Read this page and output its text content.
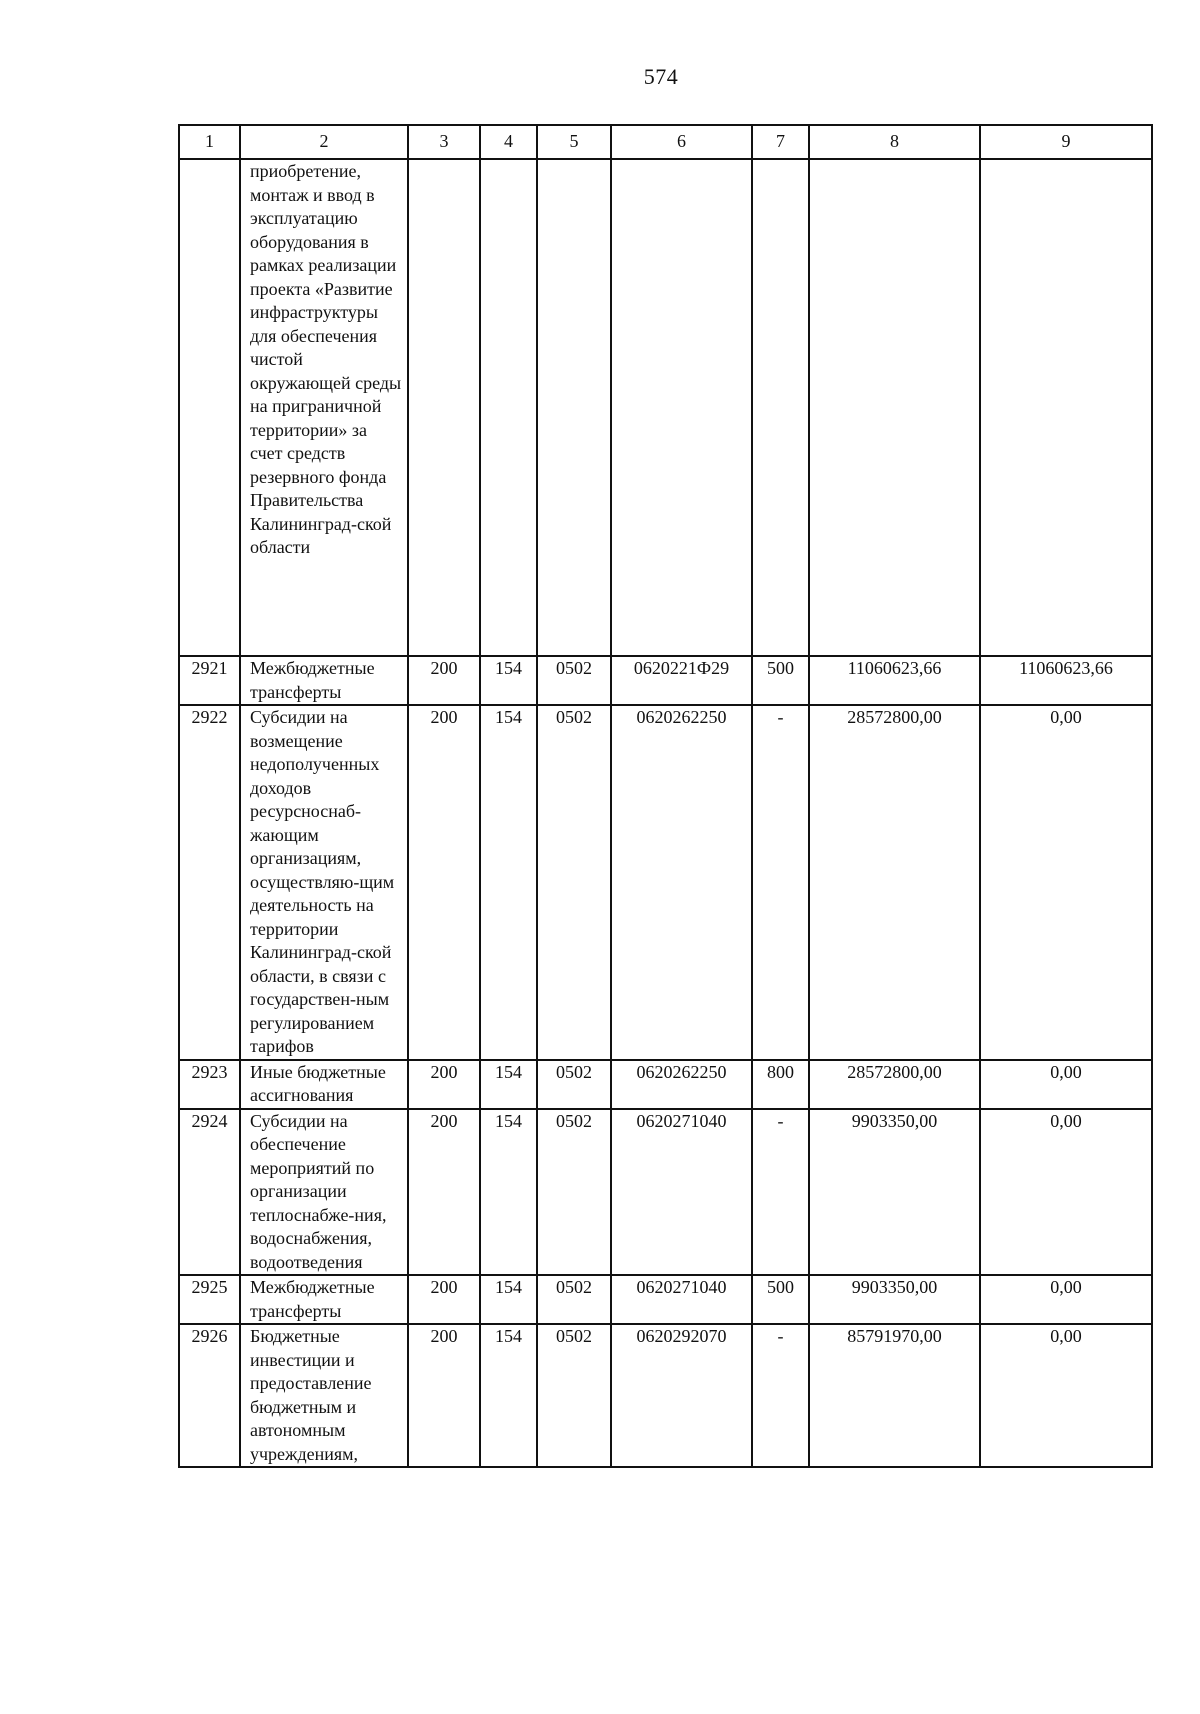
574
1	2	3	4	5	6	7	8	9
	приобретение, монтаж и ввод в эксплуатацию оборудования в рамках реализации проекта «Развитие инфраструктуры для обеспечения чистой окружающей среды на приграничной территории» за счет средств резервного фонда Правительства Калининград-ской области							
2921	Межбюджетные трансферты	200	154	0502	0620221Ф29	500	11060623,66	11060623,66
2922	Субсидии на возмещение недополученных доходов ресурсноснаб-жающим организациям, осуществляю-щим деятельность на территории Калининград-ской области, в связи с государствен-ным регулированием тарифов	200	154	0502	0620262250	-	28572800,00	0,00
2923	Иные бюджетные ассигнования	200	154	0502	0620262250	800	28572800,00	0,00
2924	Субсидии на обеспечение мероприятий по организации теплоснабже-ния, водоснабжения, водоотведения	200	154	0502	0620271040	-	9903350,00	0,00
2925	Межбюджетные трансферты	200	154	0502	0620271040	500	9903350,00	0,00
2926	Бюджетные инвестиции и предоставление бюджетным и автономным учреждениям,	200	154	0502	0620292070	-	85791970,00	0,00
